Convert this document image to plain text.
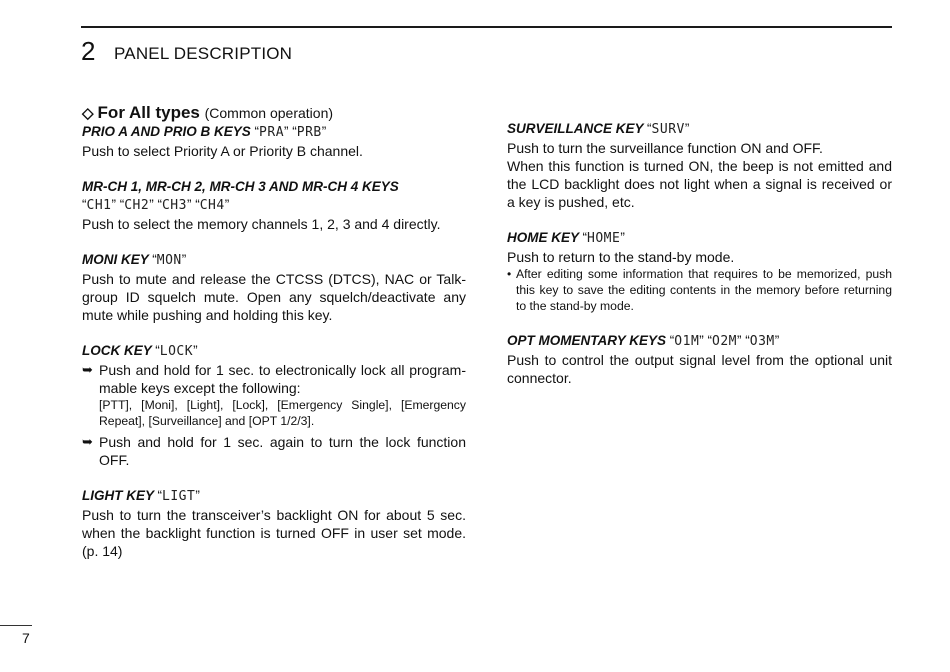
2 PANEL DESCRIPTION
◇ For All types (Common operation)
PRIO A AND PRIO B KEYS “PRA” “PRB”

Push to select Priority A or Priority B channel.

MR-CH 1, MR-CH 2, MR-CH 3 AND MR-CH 4 KEYS
“CH1” “CH2” “CH3” “CH4”

Push to select the memory channels 1, 2, 3 and 4 directly.

MONI KEY “MON”

Push to mute and release the CTCSS (DTCS), NAC or Talk-group ID squelch mute. Open any squelch/deactivate any mute while pushing and holding this key.

LOCK KEY “LOCK”
➥ Push and hold for 1 sec. to electronically lock all program-mable keys except the following:
[PTT], [Moni], [Light], [Lock], [Emergency Single], [Emergency Repeat], [Surveillance] and [OPT 1/2/3].
➥ Push and hold for 1 sec. again to turn the lock function OFF.
LIGHT KEY “LIGT”

Push to turn the transceiver’s backlight ON for about 5 sec. when the backlight function is turned OFF in user set mode. (p. 14)

SURVEILLANCE KEY “SURV”

Push to turn the surveillance function ON and OFF.

When this function is turned ON, the beep is not emitted and the LCD backlight does not light when a signal is received or a key is pushed, etc.

HOME KEY “HOME”

Push to return to the stand-by mode.

• After editing some information that requires to be memorized, push this key to save the editing contents in the memory before returning to the stand-by mode.
OPT MOMENTARY KEYS “O1M” “O2M” “O3M”

Push to control the output signal level from the optional unit connector.

7
